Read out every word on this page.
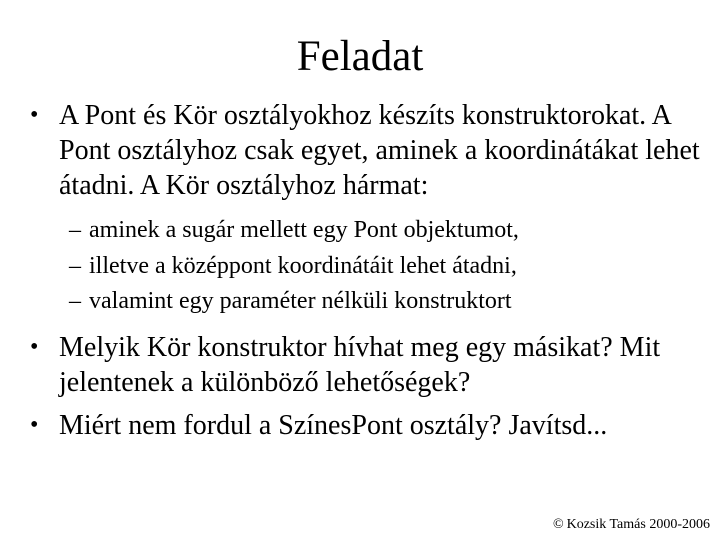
Feladat
• A Pont és Kör osztályokhoz készíts konstruktorokat. A Pont osztályhoz csak egyet, aminek a koordinátákat lehet átadni. A Kör osztályhoz hármat:
– aminek a sugár mellett egy Pont objektumot,
– illetve a középpont koordinátáit lehet átadni,
– valamint egy paraméter nélküli konstruktort
• Melyik Kör konstruktor hívhat meg egy másikat? Mit jelentenek a különböző lehetőségek?
• Miért nem fordul a SzínesPont osztály? Javítsd...
© Kozsik Tamás 2000-2006
